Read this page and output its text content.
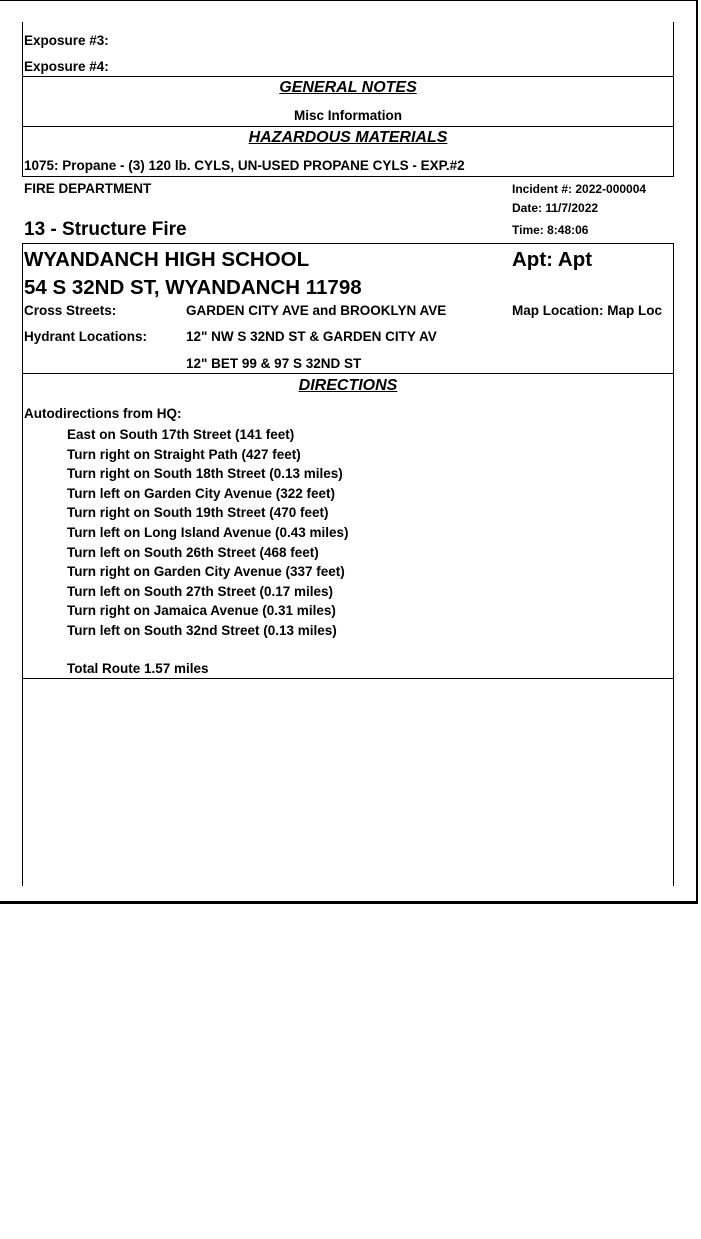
Exposure #3:
Exposure #4:
GENERAL NOTES
Misc Information
HAZARDOUS MATERIALS
1075: Propane - (3) 120 lb. CYLS, UN-USED PROPANE CYLS - EXP.#2
FIRE DEPARTMENT	Incident #: 2022-000004
Date: 11/7/2022
13 - Structure Fire	Time: 8:48:06
WYANDANCH HIGH SCHOOL	Apt: Apt
54 S 32ND ST, WYANDANCH 11798
Cross Streets:	GARDEN CITY AVE and BROOKLYN AVE	Map Location: Map Loc
Hydrant Locations:	12" NW S 32ND ST & GARDEN CITY AV
12" BET 99 & 97 S 32ND ST
DIRECTIONS
Autodirections from HQ:
East on South 17th Street (141 feet)
Turn right on Straight Path (427 feet)
Turn right on South 18th Street (0.13 miles)
Turn left on Garden City Avenue (322 feet)
Turn right on South 19th Street (470 feet)
Turn left on Long Island Avenue (0.43 miles)
Turn left on South 26th Street (468 feet)
Turn right on Garden City Avenue (337 feet)
Turn left on South 27th Street (0.17 miles)
Turn right on Jamaica Avenue (0.31 miles)
Turn left on South 32nd Street (0.13 miles)
Total Route 1.57 miles
